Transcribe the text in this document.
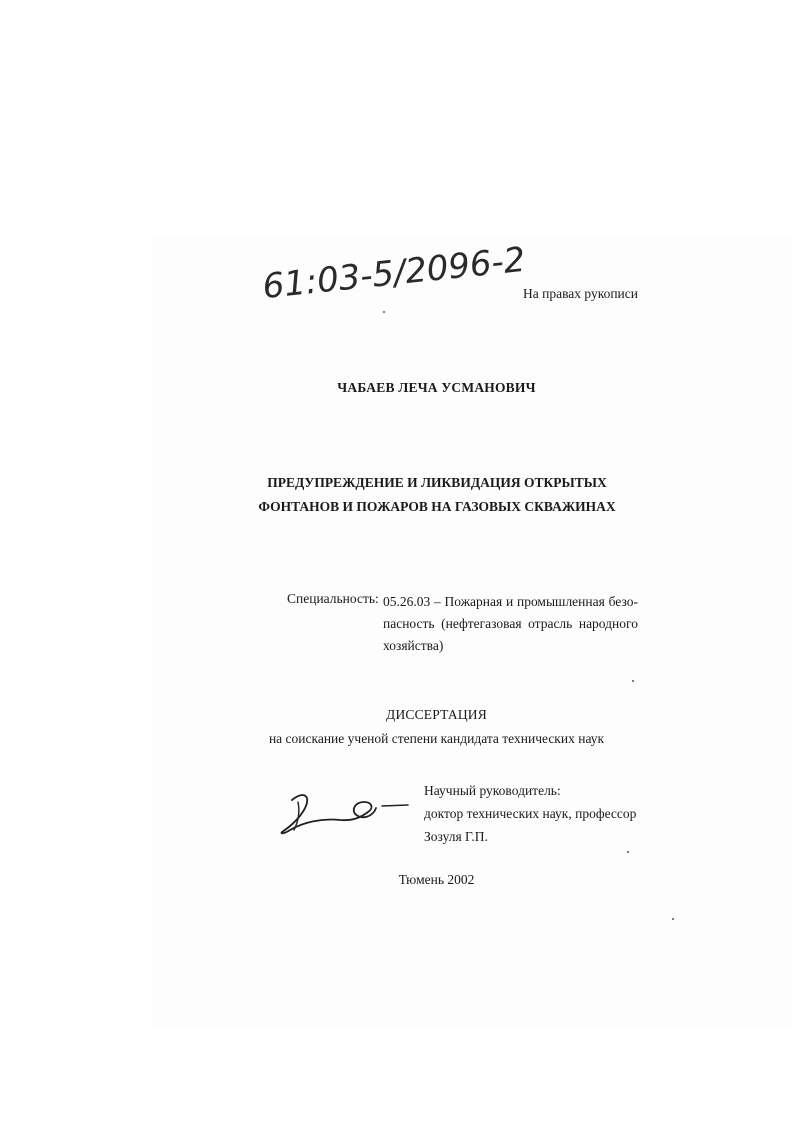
61:03-5/2096-2
На правах рукописи
ЧАБАЕВ ЛЕЧА УСМАНОВИЧ
ПРЕДУПРЕЖДЕНИЕ И ЛИКВИДАЦИЯ ОТКРЫТЫХ
ФОНТАНОВ И ПОЖАРОВ НА ГАЗОВЫХ СКВАЖИНАХ
Специальность: 05.26.03 – Пожарная и промышленная безо-
пасность (нефтегазовая отрасль народного
хозяйства)
ДИССЕРТАЦИЯ
на соискание ученой степени кандидата технических наук
Научный руководитель:
доктор технических наук, профессор
Зозуля Г.П.
Тюмень 2002
